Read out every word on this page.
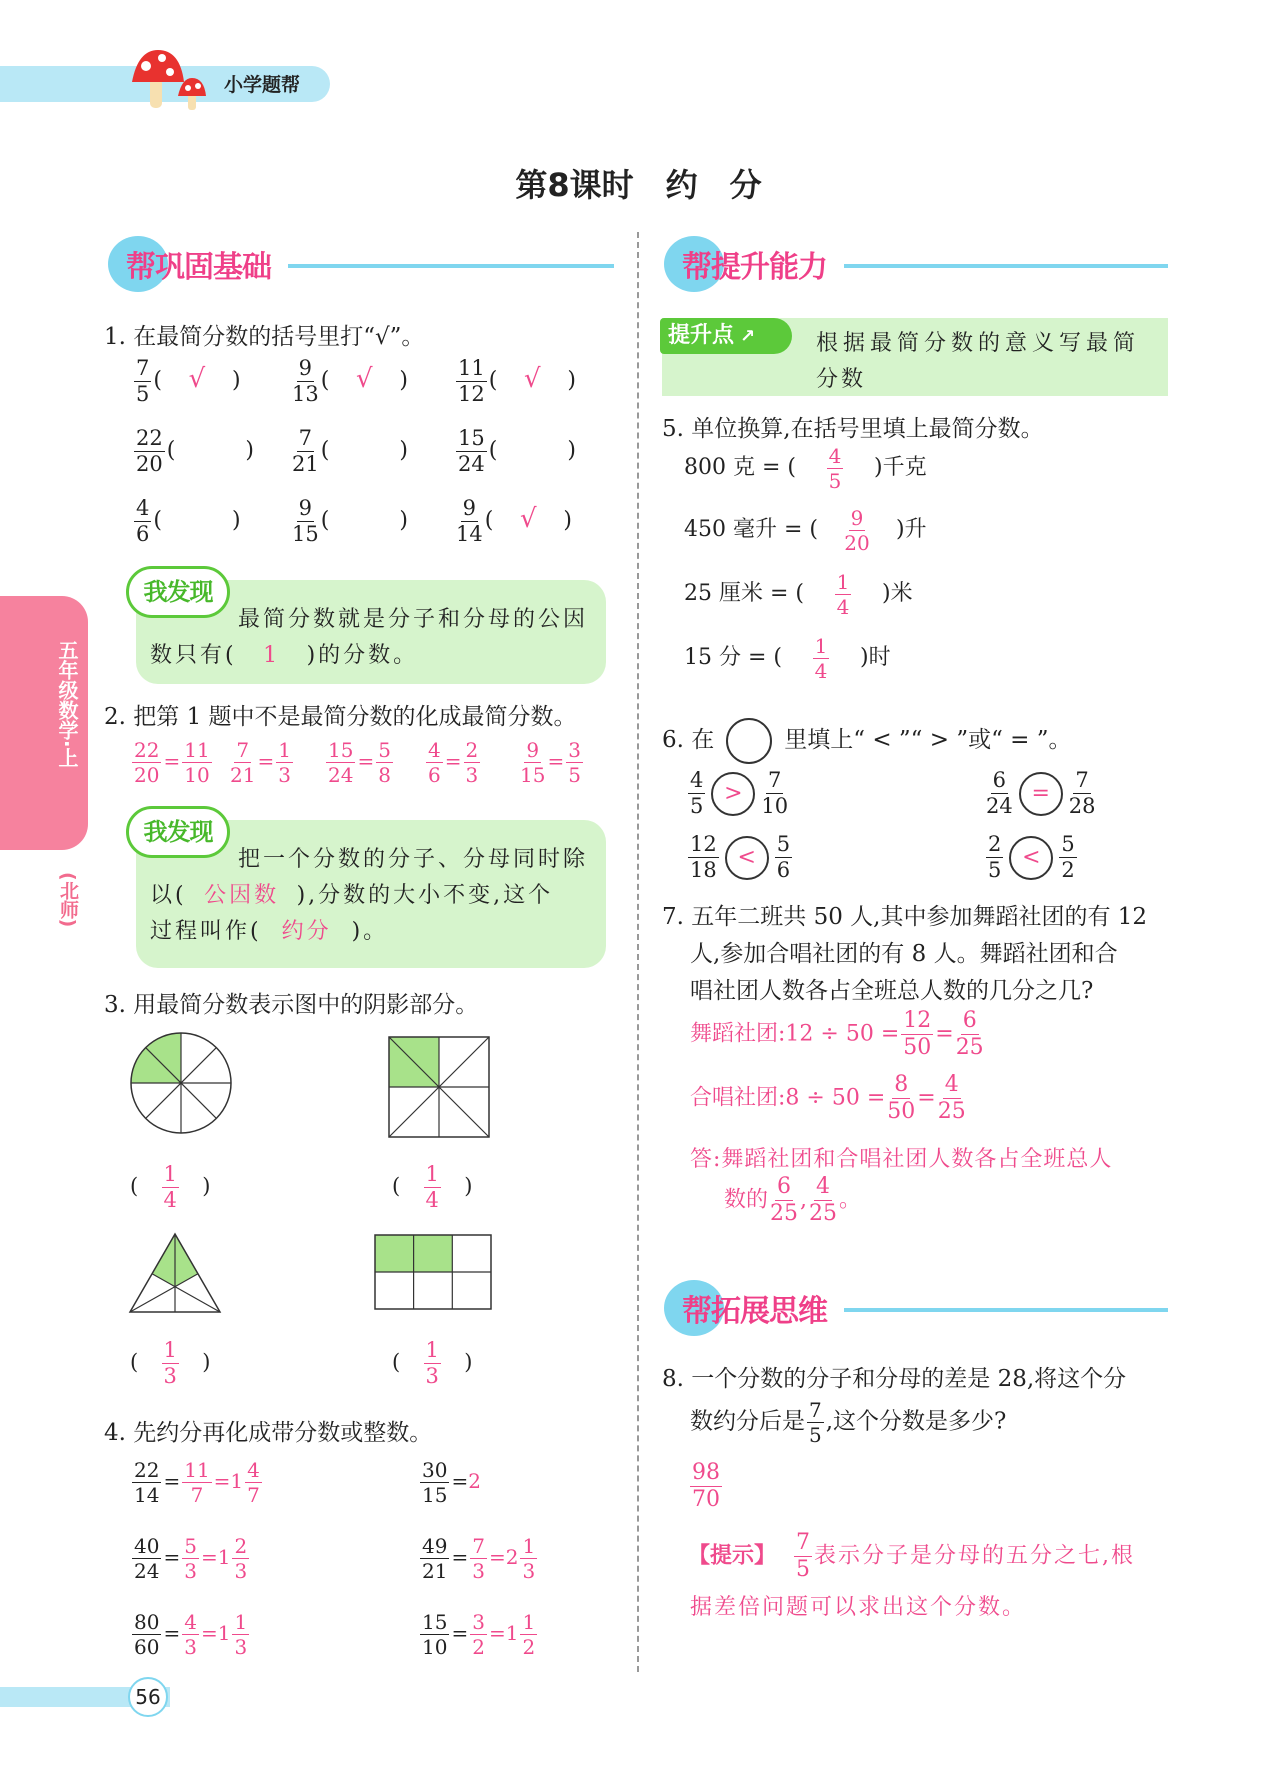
小学题帮
第8课时　约　分
五年级数学·上
(北师)
56
帮巩固基础
1. 在最简分数的括号里打“√”。
我发现
最简分数就是分子和分母的公因
数只有( 1 )的分数。
2. 把第 1 题中不是最简分数的化成最简分数。
我发现
把一个分数的分子、分母同时除
以( 公因数 ),分数的大小不变,这个
过程叫作( 约分 )。
3. 用最简分数表示图中的阴影部分。
4. 先约分再化成带分数或整数。
帮提升能力
提升点 ↗	根据最简分数的意义写最简
分数
5. 单位换算,在括号里填上最简分数。
6. 在	里填上“ < ”“ > ”或“ = ”。
7. 五年二班共 50 人,其中参加舞蹈社团的有 12
人,参加合唱社团的有 8 人。舞蹈社团和合
唱社团人数各占全班总人数的几分之几?
舞蹈社团:12 ÷ $50 = \frac{12}{50} = \frac{6}{25}$
合唱社团:8 ÷ $50 = \frac{8}{50} = \frac{4}{25}$
答:舞蹈社团和合唱社团人数各占全班总人
数的 $\frac{6}{25}$ , $\frac{4}{25}$ 。
帮拓展思维
8. 一个分数的分子和分母的差是 28,将这个分
数约分后是 $\frac{7}{5}$ ,这个分数是多少?
$\frac{98}{70}$
【提示】 $\frac{7}{5}$ 表示分子是分母的五分之七,根
据差倍问题可以求出这个分数。
$\frac{7}{5}$ ( √ ) $\frac{9}{13}$ ( √ ) $\frac{11}{12}$ ( √ )
$\frac{22}{20}$ (	) $\frac{7}{21}$ (	) $\frac{15}{24}$ (	)
$\frac{4}{6}$ (	) $\frac{9}{15}$ (	) $\frac{9}{14}$ ( √ )
$\frac{22}{20} = \frac{11}{10} \frac{7}{21} = \frac{1}{3} \frac{15}{24} = \frac{5}{8} \frac{4}{6} = \frac{2}{3} \frac{9}{15} = \frac{3}{5}$
( $\frac{1}{4}$ )	( $\frac{1}{4}$ )
( $\frac{1}{3}$ )	( $\frac{1}{3}$ )
$\frac{22}{14} = \frac{11}{7} =1 \frac{4}{7}$	$\frac{30}{15} =2$
$\frac{40}{24} = \frac{5}{3} =1 \frac{2}{3}$	$\frac{49}{21} = \frac{7}{3} =2 \frac{1}{3}$
$\frac{80}{60} = \frac{4}{3} =1 \frac{1}{3}$	$\frac{15}{10} = \frac{3}{2} =1 \frac{1}{2}$
800 克 = ( $\frac{4}{5}$ )千克
450 毫升 = ( $\frac{9}{20}$ )升
25 厘米 = ( $\frac{1}{4}$ )米
15 分 = ( $\frac{1}{4}$ )时
$\frac{4}{5} > \frac{7}{10}$	$\frac{6}{24} = \frac{7}{28}$
$\frac{12}{18} < \frac{5}{6}$	$\frac{2}{5} < \frac{5}{2}$
